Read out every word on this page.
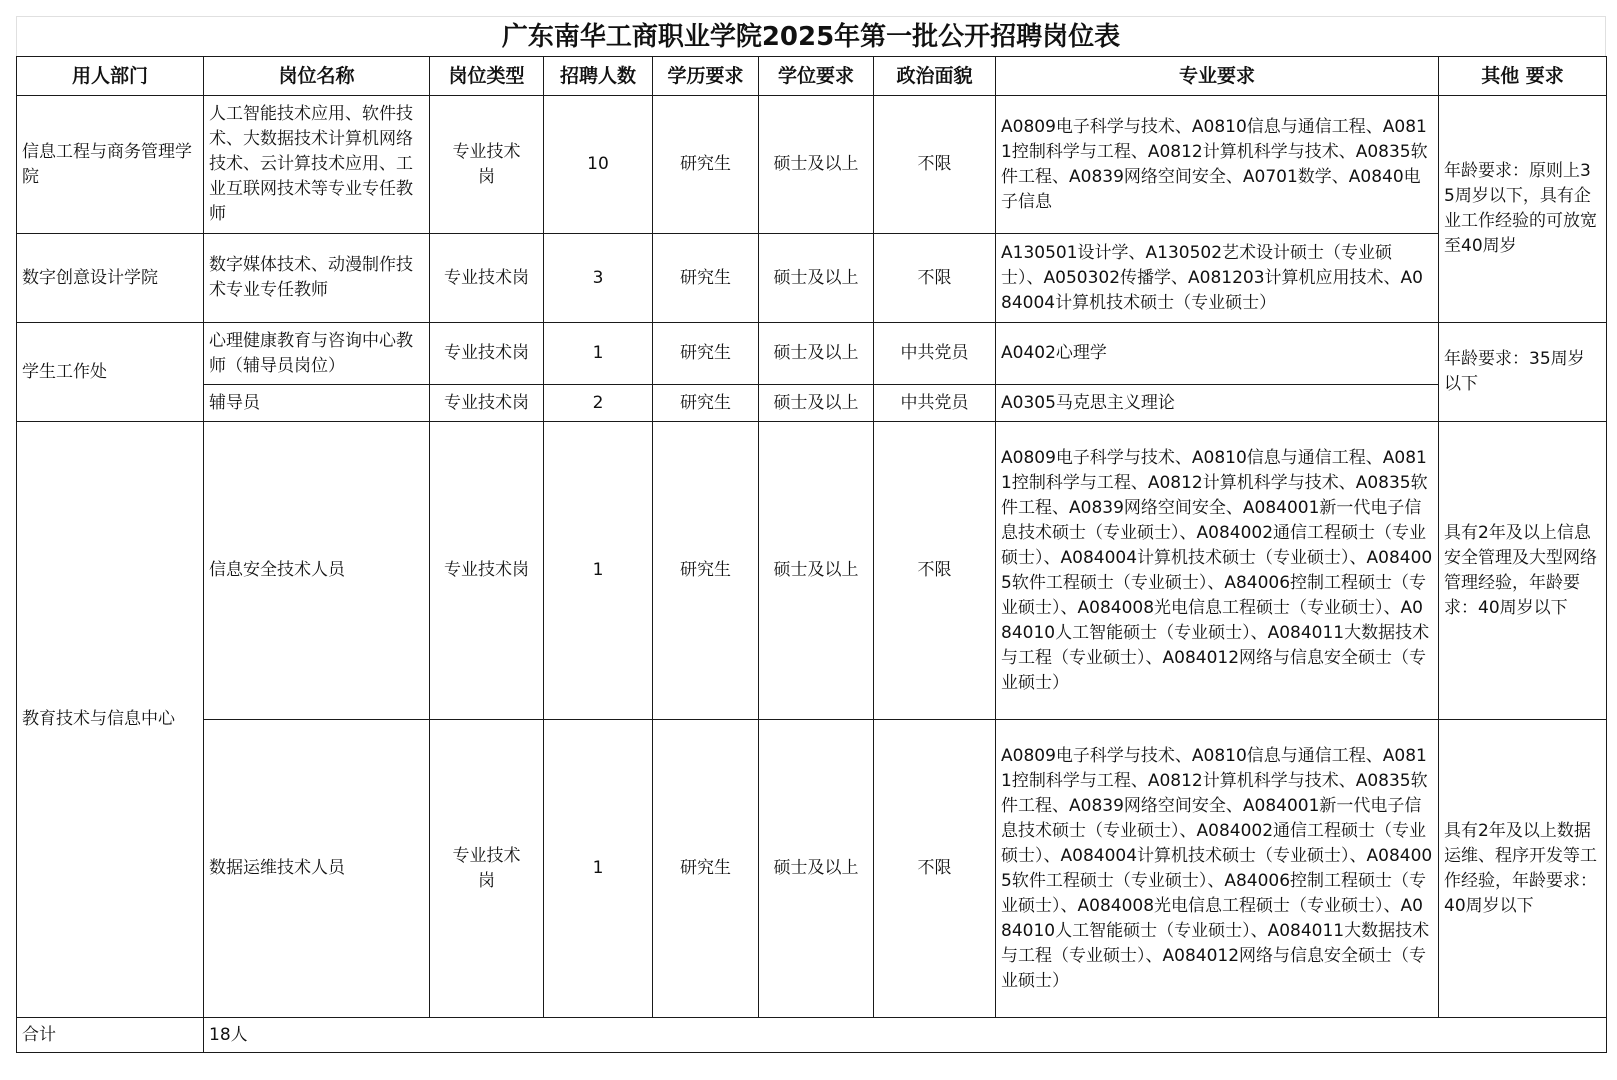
广东南华工商职业学院2025年第一批公开招聘岗位表
用人部门	岗位名称	岗位类型	招聘人数	学历要求	学位要求	政治面貌	专业要求	其他 要求
信息工程与商务管理学院	人工智能技术应用、软件技术、大数据技术计算机网络技术、云计算技术应用、工业互联网技术等专业专任教师	专业技术岗	10	研究生	硕士及以上	不限	A0809电子科学与技术、A0810信息与通信工程、A0811控制科学与工程、A0812计算机科学与技术、A0835软件工程、A0839网络空间安全、A0701数学、A0840电子信息	年龄要求：原则上35周岁以下，具有企业工作经验的可放宽至40周岁
数字创意设计学院	数字媒体技术、动漫制作技术专业专任教师	专业技术岗	3	研究生	硕士及以上	不限	A130501设计学、A130502艺术设计硕士（专业硕士）、A050302传播学、A081203计算机应用技术、A084004计算机技术硕士（专业硕士）	
学生工作处	心理健康教育与咨询中心教师（辅导员岗位）	专业技术岗	1	研究生	硕士及以上	中共党员	A0402心理学	年龄要求：35周岁以下
	辅导员	专业技术岗	2	研究生	硕士及以上	中共党员	A0305马克思主义理论	
教育技术与信息中心	信息安全技术人员	专业技术岗	1	研究生	硕士及以上	不限	A0809电子科学与技术、A0810信息与通信工程、A0811控制科学与工程、A0812计算机科学与技术、A0835软件工程、A0839网络空间安全、A084001新一代电子信息技术硕士（专业硕士）、A084002通信工程硕士（专业硕士）、A084004计算机技术硕士（专业硕士）、A084005软件工程硕士（专业硕士）、A84006控制工程硕士（专业硕士）、A084008光电信息工程硕士（专业硕士）、A084010人工智能硕士（专业硕士）、A084011大数据技术与工程（专业硕士）、A084012网络与信息安全硕士（专业硕士）	具有2年及以上信息安全管理及大型网络管理经验，年龄要求：40周岁以下
	数据运维技术人员	专业技术岗	1	研究生	硕士及以上	不限	A0809电子科学与技术、A0810信息与通信工程、A0811控制科学与工程、A0812计算机科学与技术、A0835软件工程、A0839网络空间安全、A084001新一代电子信息技术硕士（专业硕士）、A084002通信工程硕士（专业硕士）、A084004计算机技术硕士（专业硕士）、A084005软件工程硕士（专业硕士）、A84006控制工程硕士（专业硕士）、A084008光电信息工程硕士（专业硕士）、A084010人工智能硕士（专业硕士）、A084011大数据技术与工程（专业硕士）、A084012网络与信息安全硕士（专业硕士）	具有2年及以上数据运维、程序开发等工作经验，年龄要求：40周岁以下
合计	18人							
